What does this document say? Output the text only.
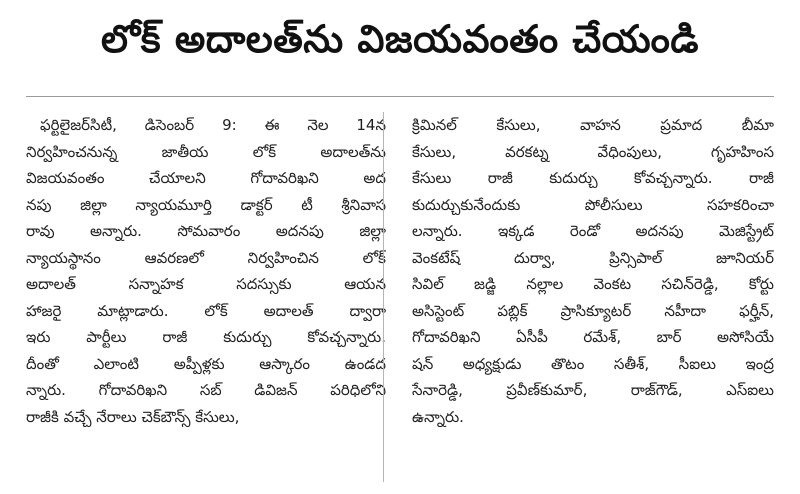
లోక్ అదాలత్‌ను విజయవంతం చేయండి
ఫర్టిలైజర్‌సిటీ, డిసెంబర్ 9: ఈ నెల 14న
నిర్వహించనున్న జాతీయ లోక్ అదాలత్‌ను
విజయవంతం చేయాలని గోదావరిఖని అద
నపు జిల్లా న్యాయమూర్తి డాక్టర్ టీ శ్రీనివాస
రావు అన్నారు. సోమవారం అదనపు జిల్లా
న్యాయస్థానం ఆవరణలో నిర్వహించిన లోక్
అదాలత్ సన్నాహక సదస్సుకు ఆయన
హాజరై మాట్లాడారు. లోక్ అదాలత్ ద్వారా
ఇరు పార్టీలు రాజీ కుదుర్చు కోవచ్చన్నారు.
దీంతో ఎలాంటి అప్పీళ్లకు ఆస్కారం ఉండద
న్నారు. గోదావరిఖని సబ్ డివిజన్ పరిధిలోని
రాజీకి వచ్చే నేరాలు చెక్‌బౌన్స్ కేసులు,
క్రిమినల్ కేసులు, వాహన ప్రమాద బీమా
కేసులు, వరకట్న వేధింపులు, గృహహింస
కేసులు రాజీ కుదుర్చు కోవచ్చన్నారు. రాజీ
కుదుర్చుకునేందుకు పోలీసులు సహకరించా
లన్నారు. ఇక్కడ రెండో అదనపు మెజిస్ట్రేట్
వెంకటేష్ దుర్వా, ప్రిన్సిపాల్ జూనియర్
సివిల్ జడ్జి నల్లాల వెంకట సచిన్‌రెడ్డి, కోర్టు
అసిస్టెంట్ పబ్లిక్ ప్రాసిక్యూటర్ నహీదా ఫర్హీన్,
గోదావరిఖని ఏసీపీ రమేశ్, బార్ అసోసియే
షన్ అధ్యక్షుడు తొటం సతీశ్, సీఐలు ఇంద్ర
సేనారెడ్డి, ప్రవీణ్‌కుమార్, రాజ్‌గౌడ్, ఎస్ఐలు
ఉన్నారు.
